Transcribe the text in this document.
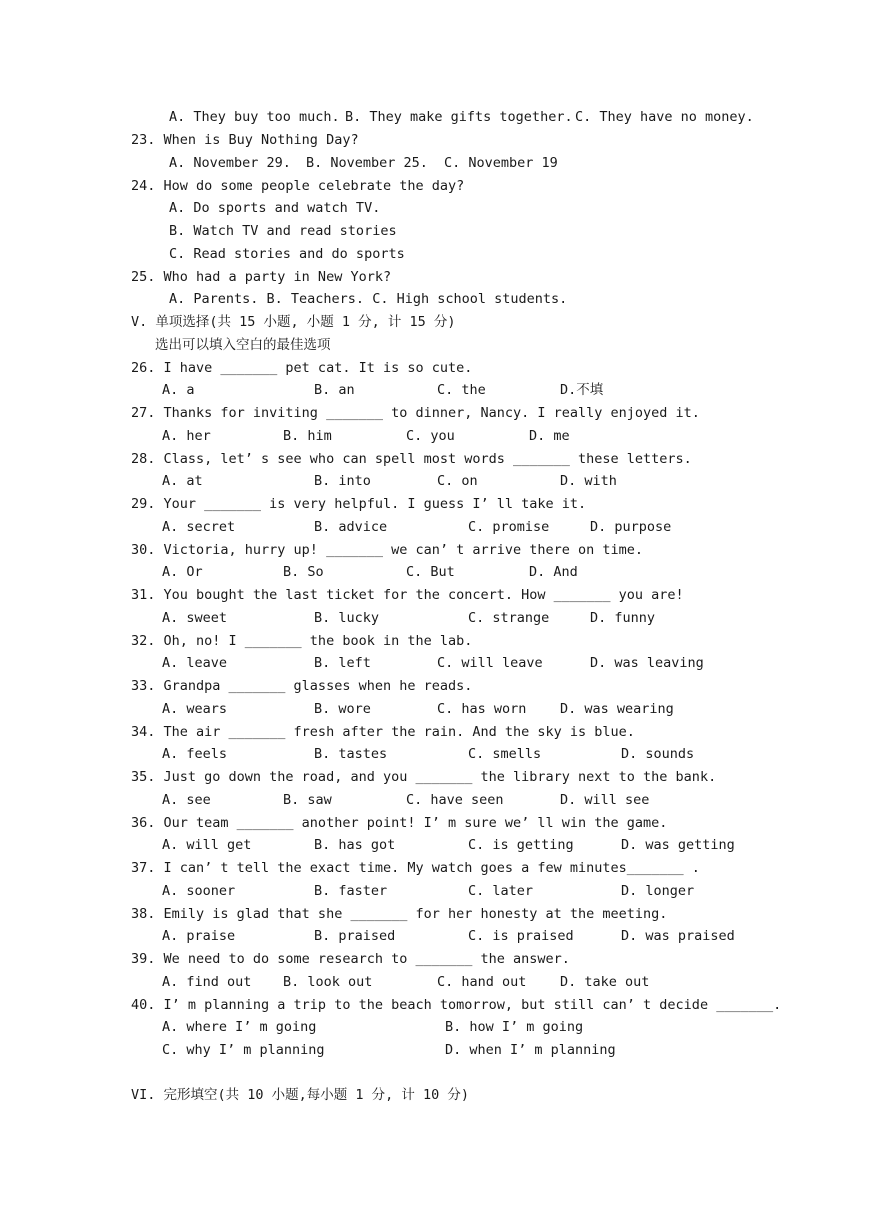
A. They buy too much. B. They make gifts together. C. They have no money.
23. When is Buy Nothing Day?
A. November 29. B. November 25. C. November 19
24. How do some people celebrate the day?
A. Do sports and watch TV.
B. Watch TV and read stories
C. Read stories and do sports
25. Who had a party in New York?
A. Parents. B. Teachers. C. High school students.
V. 单项选择(共 15 小题, 小题 1 分, 计 15 分)
选出可以填入空白的最佳选项
26. I have _______ pet cat. It is so cute.
A. a	B. an	C. the	D.不填
27. Thanks for inviting _______ to dinner, Nancy. I really enjoyed it.
A. her	B. him	C. you	D. me
28. Class, let’ s see who can spell most words _______ these letters.
A. at	B. into	C. on	D. with
29. Your _______ is very helpful. I guess I’ ll take it.
A. secret	B. advice	C. promise	D. purpose
30. Victoria, hurry up! _______ we can’ t arrive there on time.
A. Or	B. So	C. But	D. And
31. You bought the last ticket for the concert. How _______ you are!
A. sweet	B. lucky	C. strange	D. funny
32. Oh, no! I _______ the book in the lab.
A. leave	B. left	C. will leave	D. was leaving
33. Grandpa _______ glasses when he reads.
A. wears	B. wore	C. has worn D. was wearing
34. The air _______ fresh after the rain. And the sky is blue.
A. feels	B. tastes	C. smells	D. sounds
35. Just go down the road, and you _______ the library next to the bank.
A. see	B. saw	C. have seen	D. will see
36. Our team _______ another point! I’ m sure we’ ll win the game.
A. will get	B. has got	C. is getting	D. was getting
37. I can’ t tell the exact time. My watch goes a few minutes_______ .
A. sooner	B. faster	C. later	D. longer
38. Emily is glad that she _______ for her honesty at the meeting.
A. praise	B. praised	C. is praised	D. was praised
39. We need to do some research to _______ the answer.
A. find out B. look out	C. hand out D. take out
40. I’ m planning a trip to the beach tomorrow, but still can’ t decide _______.
A. where I’ m going	B. how I’ m going
C. why I’ m planning	D. when I’ m planning
VI. 完形填空(共 10 小题,每小题 1 分, 计 10 分)
